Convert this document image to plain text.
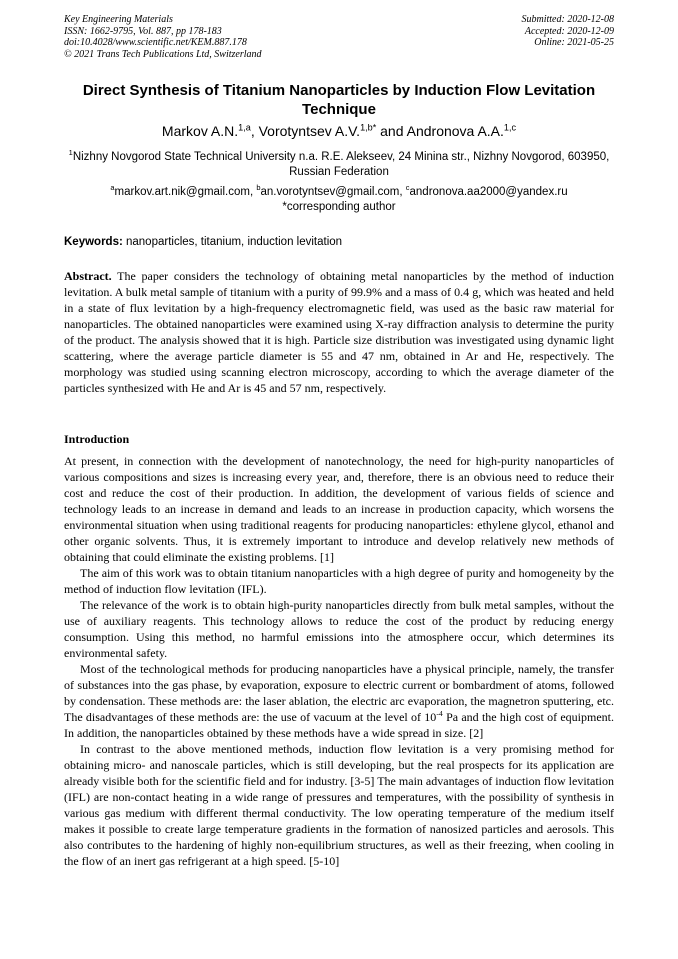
Key Engineering Materials
ISSN: 1662-9795, Vol. 887, pp 178-183
doi:10.4028/www.scientific.net/KEM.887.178
© 2021 Trans Tech Publications Ltd, Switzerland
Submitted: 2020-12-08
Accepted: 2020-12-09
Online: 2021-05-25
Direct Synthesis of Titanium Nanoparticles by Induction Flow Levitation Technique
Markov A.N.$^{1,a}$, Vorotyntsev A.V.$^{1,b*}$ and Andronova A.A.$^{1,c}$
$^1$Nizhny Novgorod State Technical University n.a. R.E. Alekseev, 24 Minina str., Nizhny Novgorod, 603950, Russian Federation
$^a$markov.art.nik@gmail.com, $^b$an.vorotyntsev@gmail.com, $^c$andronova.aa2000@yandex.ru
*corresponding author
Keywords: nanoparticles, titanium, induction levitation

Abstract. The paper considers the technology of obtaining metal nanoparticles by the method of induction levitation. A bulk metal sample of titanium with a purity of 99.9% and a mass of 0.4 g, which was heated and held in a state of flux levitation by a high-frequency electromagnetic field, was used as the basic raw material for nanoparticles. The obtained nanoparticles were examined using X-ray diffraction analysis to determine the purity of the product. The analysis showed that it is high. Particle size distribution was investigated using dynamic light scattering, where the average particle diameter is 55 and 47 nm, obtained in Ar and He, respectively. The morphology was studied using scanning electron microscopy, according to which the average diameter of the particles synthesized with He and Ar is 45 and 57 nm, respectively.

Introduction

At present, in connection with the development of nanotechnology, the need for high-purity nanoparticles of various compositions and sizes is increasing every year, and, therefore, there is an obvious need to reduce their cost and reduce the cost of their production. In addition, the development of various fields of science and technology leads to an increase in demand and leads to an increase in production capacity, which worsens the environmental situation when using traditional reagents for producing nanoparticles: ethylene glycol, ethanol and other organic solvents. Thus, it is extremely important to introduce and develop relatively new methods of obtaining that could eliminate the existing problems. [1]

The aim of this work was to obtain titanium nanoparticles with a high degree of purity and homogeneity by the method of induction flow levitation (IFL).

The relevance of the work is to obtain high-purity nanoparticles directly from bulk metal samples, without the use of auxiliary reagents. This technology allows to reduce the cost of the product by reducing energy consumption. Using this method, no harmful emissions into the atmosphere occur, which determines its environmental safety.

Most of the technological methods for producing nanoparticles have a physical principle, namely, the transfer of substances into the gas phase, by evaporation, exposure to electric current or bombardment of atoms, followed by condensation. These methods are: the laser ablation, the electric arc evaporation, the magnetron sputtering, etc. The disadvantages of these methods are: the use of vacuum at the level of $10^{-4}$ Pa and the high cost of equipment. In addition, the nanoparticles obtained by these methods have a wide spread in size. [2]

In contrast to the above mentioned methods, induction flow levitation is a very promising method for obtaining micro- and nanoscale particles, which is still developing, but the real prospects for its application are already visible both for the scientific field and for industry. [3-5] The main advantages of induction flow levitation (IFL) are non-contact heating in a wide range of pressures and temperatures, with the possibility of synthesis in various gas medium with different thermal conductivity. The low operating temperature of the medium itself makes it possible to create large temperature gradients in the formation of nanosized particles and aerosols. This also contributes to the hardening of highly non-equilibrium structures, as well as their freezing, when cooling in the flow of an inert gas refrigerant at a high speed. [5-10]
